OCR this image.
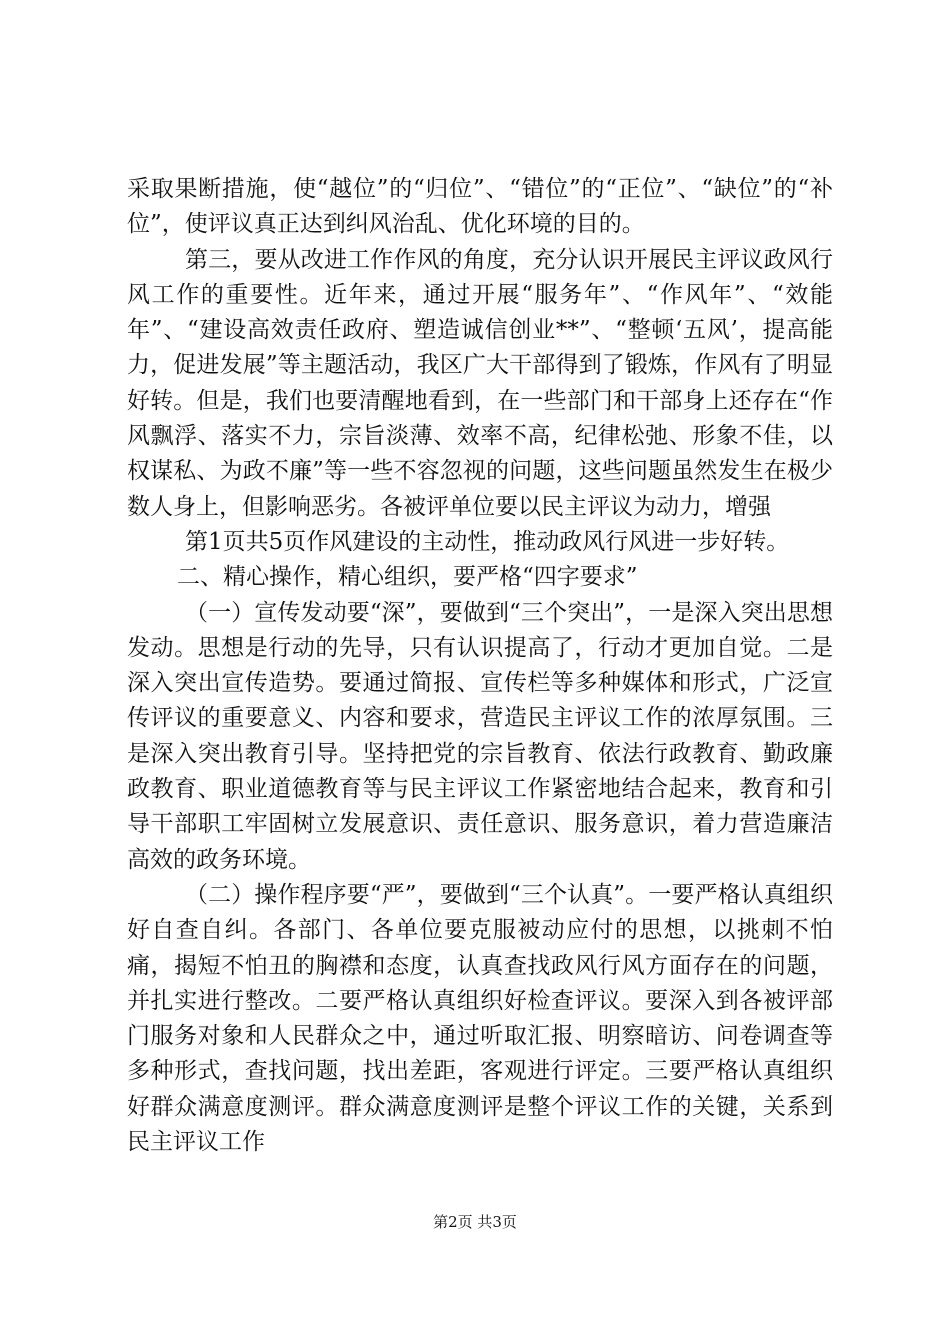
采取果断措施，使“越位”的“归位”、“错位”的“正位”、“缺位”的“补位”，使评议真正达到纠风治乱、优化环境的目的。

第三，要从改进工作作风的角度，充分认识开展民主评议政风行风工作的重要性。近年来，通过开展“服务年”、“作风年”、“效能年”、“建设高效责任政府、塑造诚信创业**”、“整顿‘五风’，提高能力，促进发展”等主题活动，我区广大干部得到了锻炼，作风有了明显好转。但是，我们也要清醒地看到，在一些部门和干部身上还存在“作风飘浮、落实不力，宗旨淡薄、效率不高，纪律松弛、形象不佳，以权谋私、为政不廉”等一些不容忽视的问题，这些问题虽然发生在极少数人身上，但影响恶劣。各被评单位要以民主评议为动力，增强

第1页共5页作风建设的主动性，推动政风行风进一步好转。

二、精心操作，精心组织，要严格“四字要求”

（一）宣传发动要“深”，要做到“三个突出”，一是深入突出思想发动。思想是行动的先导，只有认识提高了，行动才更加自觉。二是深入突出宣传造势。要通过简报、宣传栏等多种媒体和形式，广泛宣传评议的重要意义、内容和要求，营造民主评议工作的浓厚氛围。三是深入突出教育引导。坚持把党的宗旨教育、依法行政教育、勤政廉政教育、职业道德教育等与民主评议工作紧密地结合起来，教育和引导干部职工牢固树立发展意识、责任意识、服务意识，着力营造廉洁高效的政务环境。

（二）操作程序要“严”，要做到“三个认真”。一要严格认真组织好自查自纠。各部门、各单位要克服被动应付的思想，以挑刺不怕痛，揭短不怕丑的胸襟和态度，认真查找政风行风方面存在的问题，并扎实进行整改。二要严格认真组织好检查评议。要深入到各被评部门服务对象和人民群众之中，通过听取汇报、明察暗访、问卷调查等多种形式，查找问题，找出差距，客观进行评定。三要严格认真组织好群众满意度测评。群众满意度测评是整个评议工作的关键，关系到民主评议工作

第2页 共3页
